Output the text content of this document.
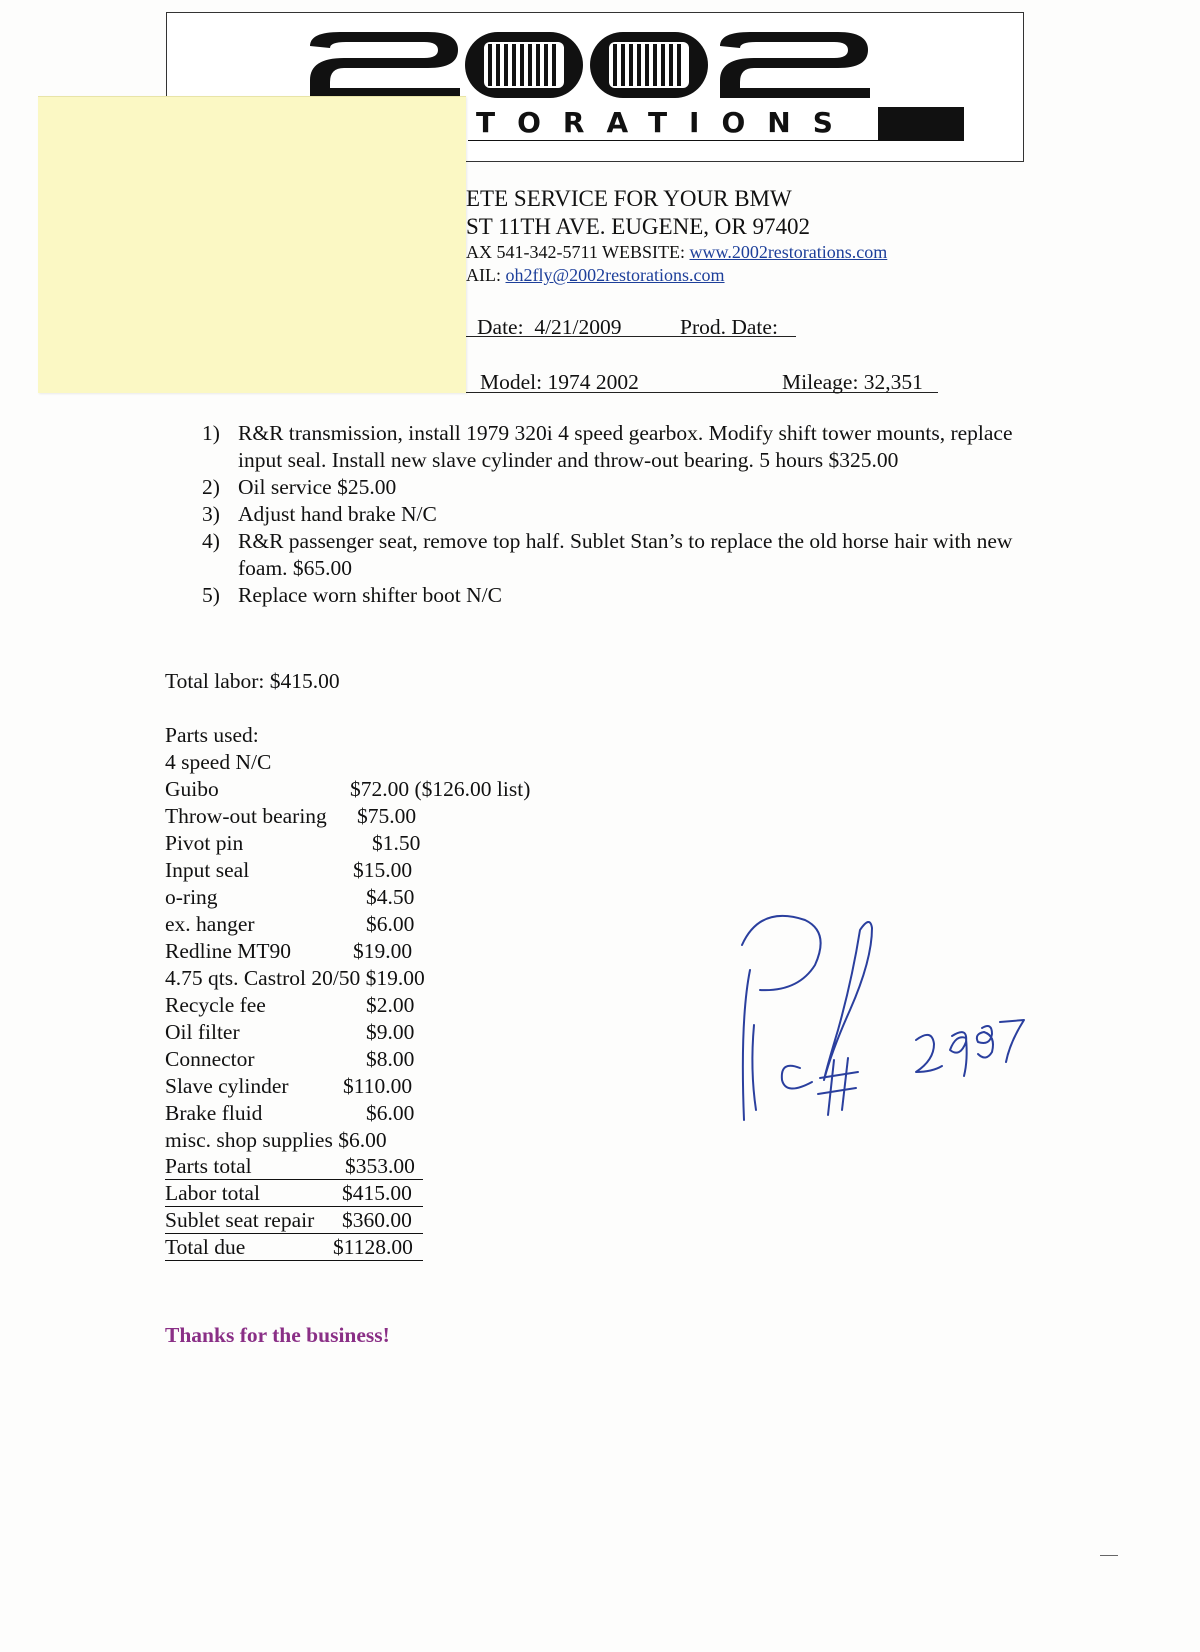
TORATIONS

ETE SERVICE FOR YOUR BMW
ST 11TH AVE. EUGENE, OR 97402
AX 541-342-5711 WEBSITE: www.2002restorations.com
AIL: oh2fly@2002restorations.com
Date: 4/21/2009	Prod. Date:
Model: 1974 2002	Mileage: 32,351
1) R&R transmission, install 1979 320i 4 speed gearbox. Modify shift tower mounts, replace input seal. Install new slave cylinder and throw-out bearing. 5 hours $325.00
2) Oil service $25.00
3) Adjust hand brake N/C
4) R&R passenger seat, remove top half. Sublet Stan’s to replace the old horse hair with new foam. $65.00
5) Replace worn shifter boot N/C
Total labor: $415.00
Parts used:
4 speed N/C
Guibo	$72.00 ($126.00 list)
Throw-out bearing $75.00
Pivot pin	$1.50
Input seal	$15.00
o-ring	$4.50
ex. hanger	$6.00
Redline MT90	$19.00
4.75 qts. Castrol 20/50 $19.00
Recycle fee	$2.00
Oil filter	$9.00
Connector	$8.00
Slave cylinder	$110.00
Brake fluid	$6.00
misc. shop supplies $6.00
Parts total	$353.00
Labor total	$415.00
Sublet seat repair $360.00
Total due	$1128.00
Thanks for the business!
